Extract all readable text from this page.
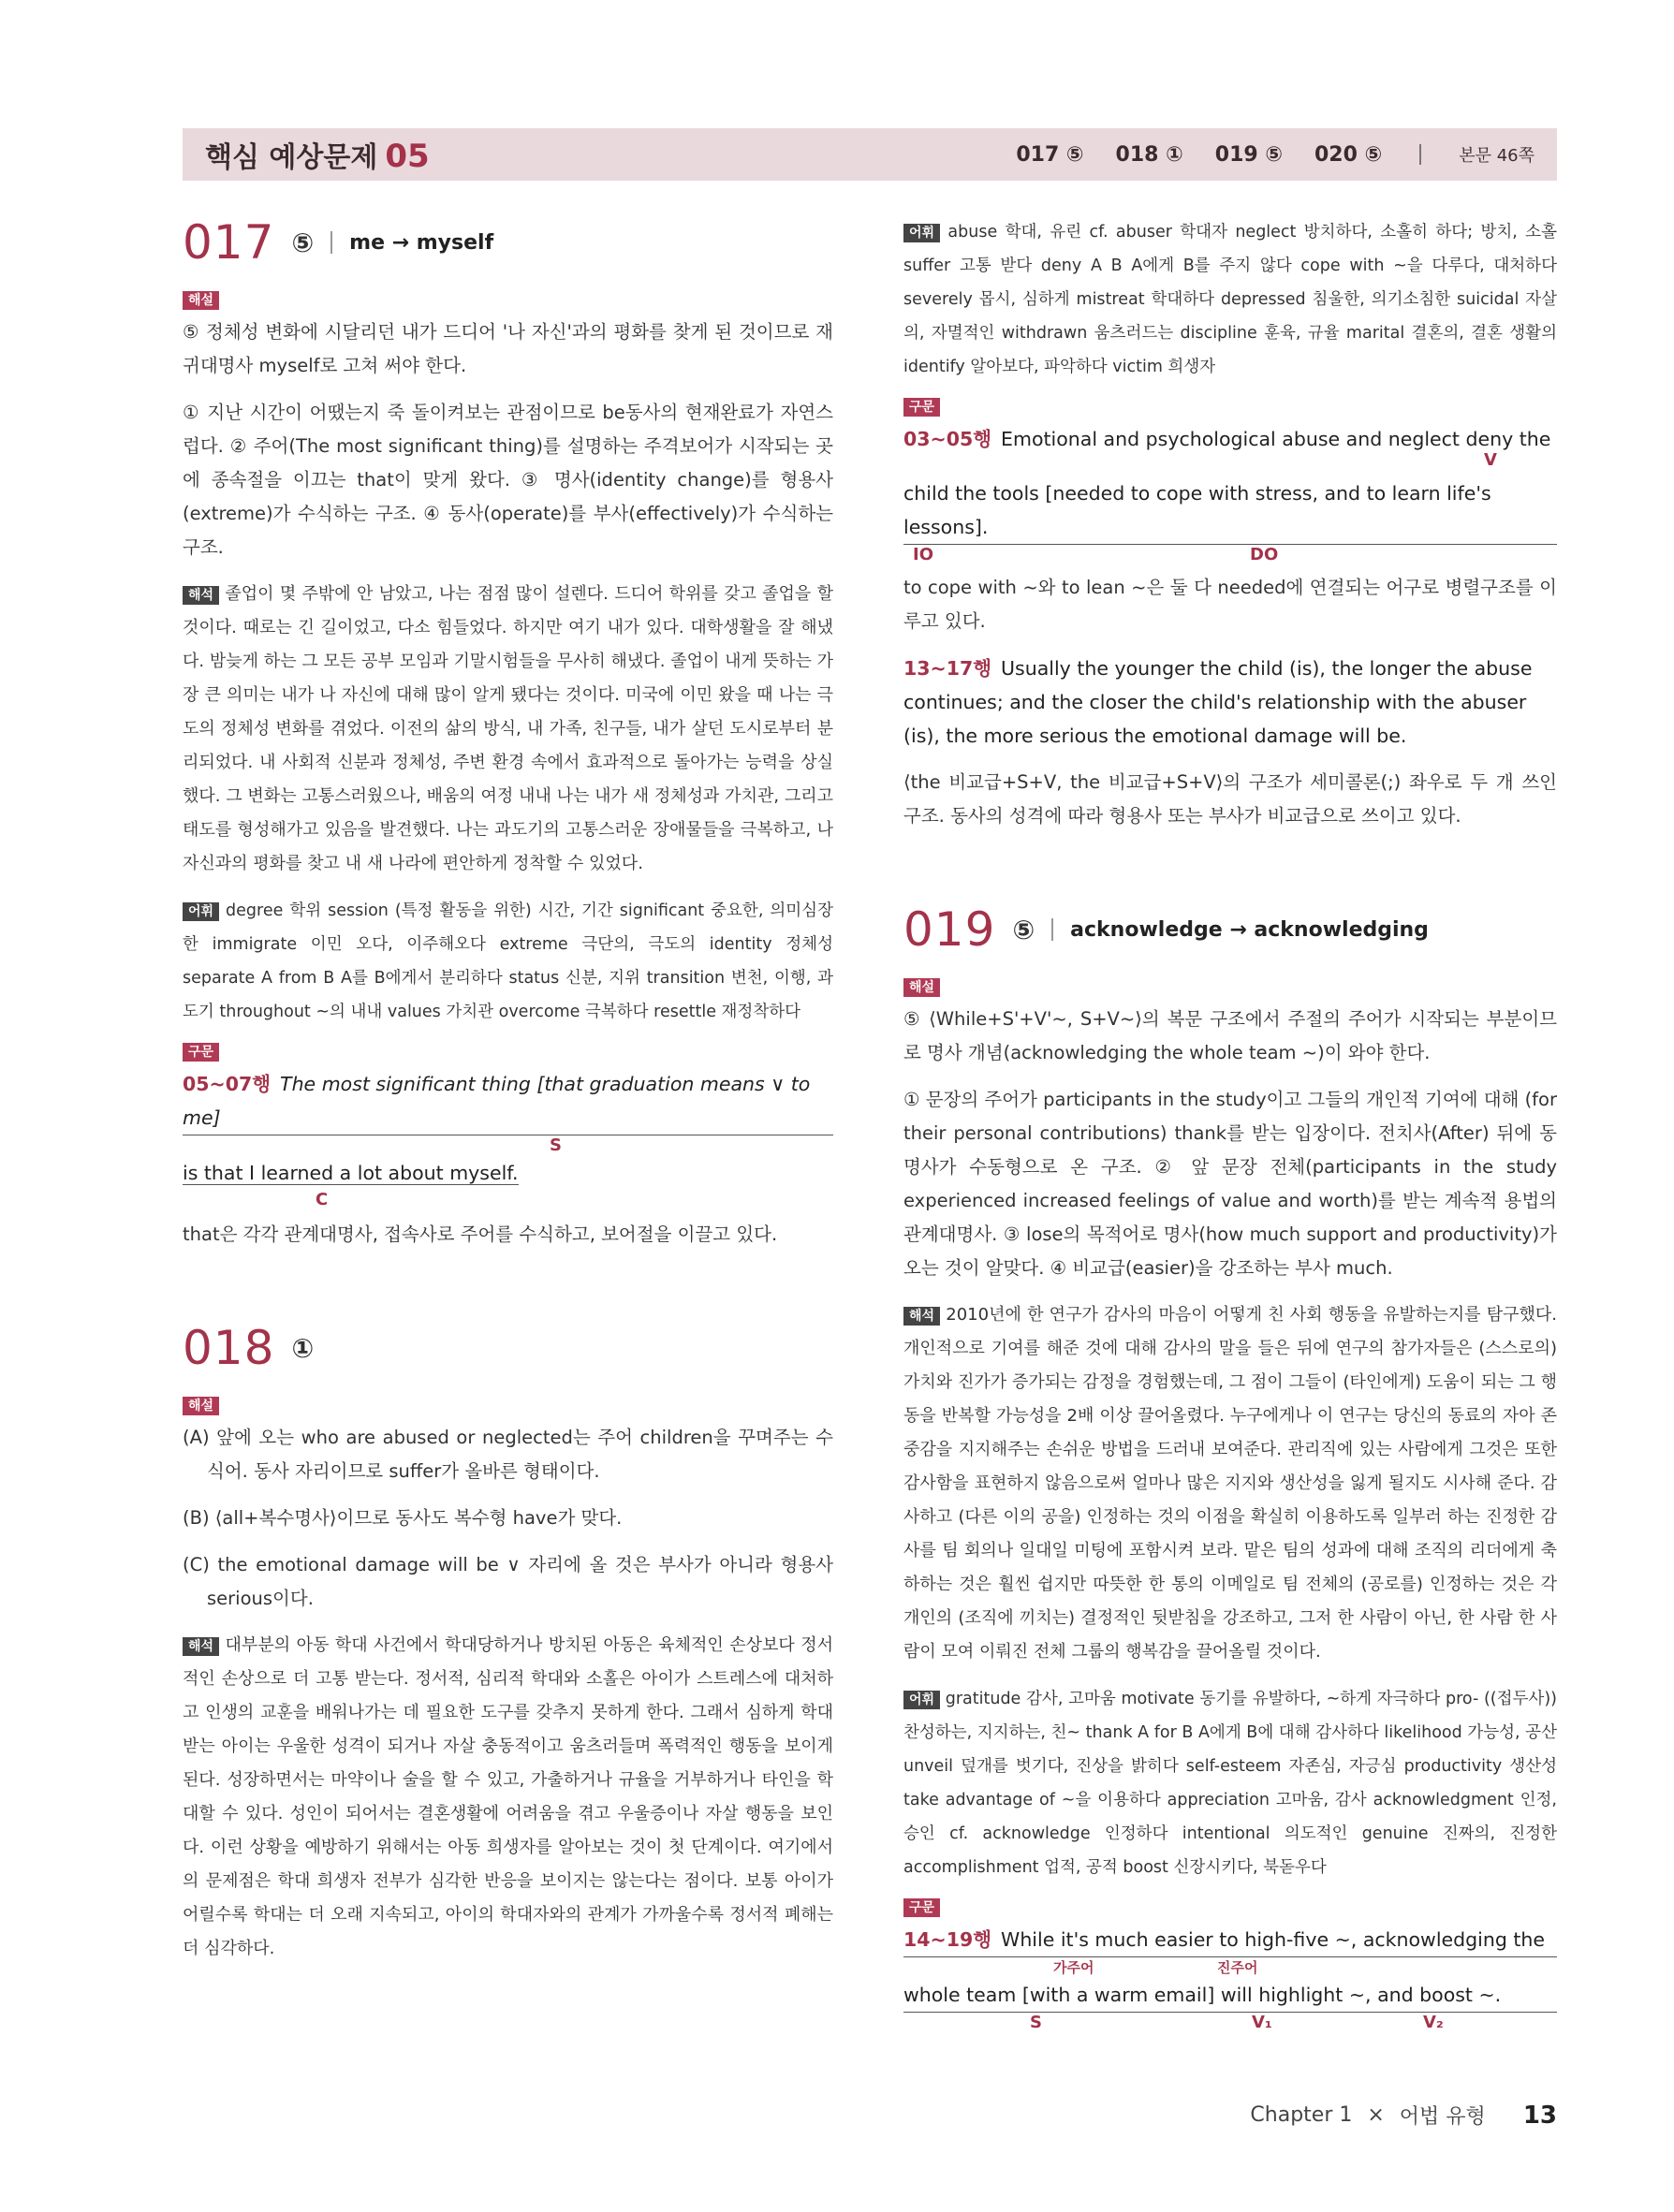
핵심 예상문제 05	017 ⑤ 018 ① 019 ⑤ 020 ⑤	본문 46쪽
017 ⑤ me → myself
해설

⑤ 정체성 변화에 시달리던 내가 드디어 '나 자신'과의 평화를 찾게 된 것이므로 재귀대명사 myself로 고쳐 써야 한다.

① 지난 시간이 어땠는지 죽 돌이켜보는 관점이므로 be동사의 현재완료가 자연스럽다. ② 주어(The most significant thing)를 설명하는 주격보어가 시작되는 곳에 종속절을 이끄는 that이 맞게 왔다. ③ 명사(identity change)를 형용사(extreme)가 수식하는 구조. ④ 동사(operate)를 부사(effectively)가 수식하는 구조.

해석 졸업이 몇 주밖에 안 남았고, 나는 점점 많이 설렌다. 드디어 학위를 갖고 졸업을 할 것이다. 때로는 긴 길이었고, 다소 힘들었다. 하지만 여기 내가 있다. 대학생활을 잘 해냈다. 밤늦게 하는 그 모든 공부 모임과 기말시험들을 무사히 해냈다. 졸업이 내게 뜻하는 가장 큰 의미는 내가 나 자신에 대해 많이 알게 됐다는 것이다. 미국에 이민 왔을 때 나는 극도의 정체성 변화를 겪었다. 이전의 삶의 방식, 내 가족, 친구들, 내가 살던 도시로부터 분리되었다. 내 사회적 신분과 정체성, 주변 환경 속에서 효과적으로 돌아가는 능력을 상실했다. 그 변화는 고통스러웠으나, 배움의 여정 내내 나는 내가 새 정체성과 가치관, 그리고 태도를 형성해가고 있음을 발견했다. 나는 과도기의 고통스러운 장애물들을 극복하고, 나 자신과의 평화를 찾고 내 새 나라에 편안하게 정착할 수 있었다.

어휘 degree 학위 session (특정 활동을 위한) 시간, 기간 significant 중요한, 의미심장한 immigrate 이민 오다, 이주해오다 extreme 극단의, 극도의 identity 정체성 separate A from B A를 B에게서 분리하다 status 신분, 지위 transition 변천, 이행, 과도기 throughout ~의 내내 values 가치관 overcome 극복하다 resettle 재정착하다

구문
05~07행 The most significant thing [that graduation means ∨ to me]
S
is that I learned a lot about myself.
C

that은 각각 관계대명사, 접속사로 주어를 수식하고, 보어절을 이끌고 있다.

018 ①
해설

(A) 앞에 오는 who are abused or neglected는 주어 children을 꾸며주는 수식어. 동사 자리이므로 suffer가 올바른 형태이다.

(B) ⟨all+복수명사⟩이므로 동사도 복수형 have가 맞다.

(C) the emotional damage will be ∨ 자리에 올 것은 부사가 아니라 형용사 serious이다.

해석 대부분의 아동 학대 사건에서 학대당하거나 방치된 아동은 육체적인 손상보다 정서적인 손상으로 더 고통 받는다. 정서적, 심리적 학대와 소홀은 아이가 스트레스에 대처하고 인생의 교훈을 배워나가는 데 필요한 도구를 갖추지 못하게 한다. 그래서 심하게 학대받는 아이는 우울한 성격이 되거나 자살 충동적이고 움츠러들며 폭력적인 행동을 보이게 된다. 성장하면서는 마약이나 술을 할 수 있고, 가출하거나 규율을 거부하거나 타인을 학대할 수 있다. 성인이 되어서는 결혼생활에 어려움을 겪고 우울증이나 자살 행동을 보인다. 이런 상황을 예방하기 위해서는 아동 희생자를 알아보는 것이 첫 단계이다. 여기에서의 문제점은 학대 희생자 전부가 심각한 반응을 보이지는 않는다는 점이다. 보통 아이가 어릴수록 학대는 더 오래 지속되고, 아이의 학대자와의 관계가 가까울수록 정서적 폐해는 더 심각하다.

어휘 abuse 학대, 유린 cf. abuser 학대자 neglect 방치하다, 소홀히 하다; 방치, 소홀 suffer 고통 받다 deny A B A에게 B를 주지 않다 cope with ~을 다루다, 대처하다 severely 몹시, 심하게 mistreat 학대하다 depressed 침울한, 의기소침한 suicidal 자살의, 자멸적인 withdrawn 움츠러드는 discipline 훈육, 규율 marital 결혼의, 결혼 생활의 identify 알아보다, 파악하다 victim 희생자

구문
03~05행 Emotional and psychological abuse and neglect deny the
V
child the tools [needed to cope with stress, and to learn life's lessons].
IO	DO

to cope with ~와 to lean ~은 둘 다 needed에 연결되는 어구로 병렬구조를 이루고 있다.

13~17행 Usually the younger the child (is), the longer the abuse continues; and the closer the child's relationship with the abuser (is), the more serious the emotional damage will be.

⟨the 비교급+S+V, the 비교급+S+V⟩의 구조가 세미콜론(;) 좌우로 두 개 쓰인 구조. 동사의 성격에 따라 형용사 또는 부사가 비교급으로 쓰이고 있다.

019 ⑤ acknowledge → acknowledging
해설

⑤ ⟨While+S'+V'~, S+V~⟩의 복문 구조에서 주절의 주어가 시작되는 부분이므로 명사 개념(acknowledging the whole team ~)이 와야 한다.

① 문장의 주어가 participants in the study이고 그들의 개인적 기여에 대해 (for their personal contributions) thank를 받는 입장이다. 전치사(After) 뒤에 동명사가 수동형으로 온 구조. ② 앞 문장 전체(participants in the study experienced increased feelings of value and worth)를 받는 계속적 용법의 관계대명사. ③ lose의 목적어로 명사(how much support and productivity)가 오는 것이 알맞다. ④ 비교급(easier)을 강조하는 부사 much.

해석 2010년에 한 연구가 감사의 마음이 어떻게 친 사회 행동을 유발하는지를 탐구했다. 개인적으로 기여를 해준 것에 대해 감사의 말을 들은 뒤에 연구의 참가자들은 (스스로의) 가치와 진가가 증가되는 감정을 경험했는데, 그 점이 그들이 (타인에게) 도움이 되는 그 행동을 반복할 가능성을 2배 이상 끌어올렸다. 누구에게나 이 연구는 당신의 동료의 자아 존중감을 지지해주는 손쉬운 방법을 드러내 보여준다. 관리직에 있는 사람에게 그것은 또한 감사함을 표현하지 않음으로써 얼마나 많은 지지와 생산성을 잃게 될지도 시사해 준다. 감사하고 (다른 이의 공을) 인정하는 것의 이점을 확실히 이용하도록 일부러 하는 진정한 감사를 팀 회의나 일대일 미팅에 포함시켜 보라. 맡은 팀의 성과에 대해 조직의 리더에게 축하하는 것은 훨씬 쉽지만 따뜻한 한 통의 이메일로 팀 전체의 (공로를) 인정하는 것은 각 개인의 (조직에 끼치는) 결정적인 뒷받침을 강조하고, 그저 한 사람이 아닌, 한 사람 한 사람이 모여 이뤄진 전체 그룹의 행복감을 끌어올릴 것이다.

어휘 gratitude 감사, 고마움 motivate 동기를 유발하다, ~하게 자극하다 pro- ((접두사)) 찬성하는, 지지하는, 친~ thank A for B A에게 B에 대해 감사하다 likelihood 가능성, 공산 unveil 덮개를 벗기다, 진상을 밝히다 self-esteem 자존심, 자긍심 productivity 생산성 take advantage of ~을 이용하다 appreciation 고마움, 감사 acknowledgment 인정, 승인 cf. acknowledge 인정하다 intentional 의도적인 genuine 진짜의, 진정한 accomplishment 업적, 공적 boost 신장시키다, 북돋우다

구문
14~19행 While it's much easier to high-five ~, acknowledging the
가주어	진주어
whole team [with a warm email] will highlight ~, and boost ~.
S	V₁	V₂
Chapter 1 × 어법 유형 13
